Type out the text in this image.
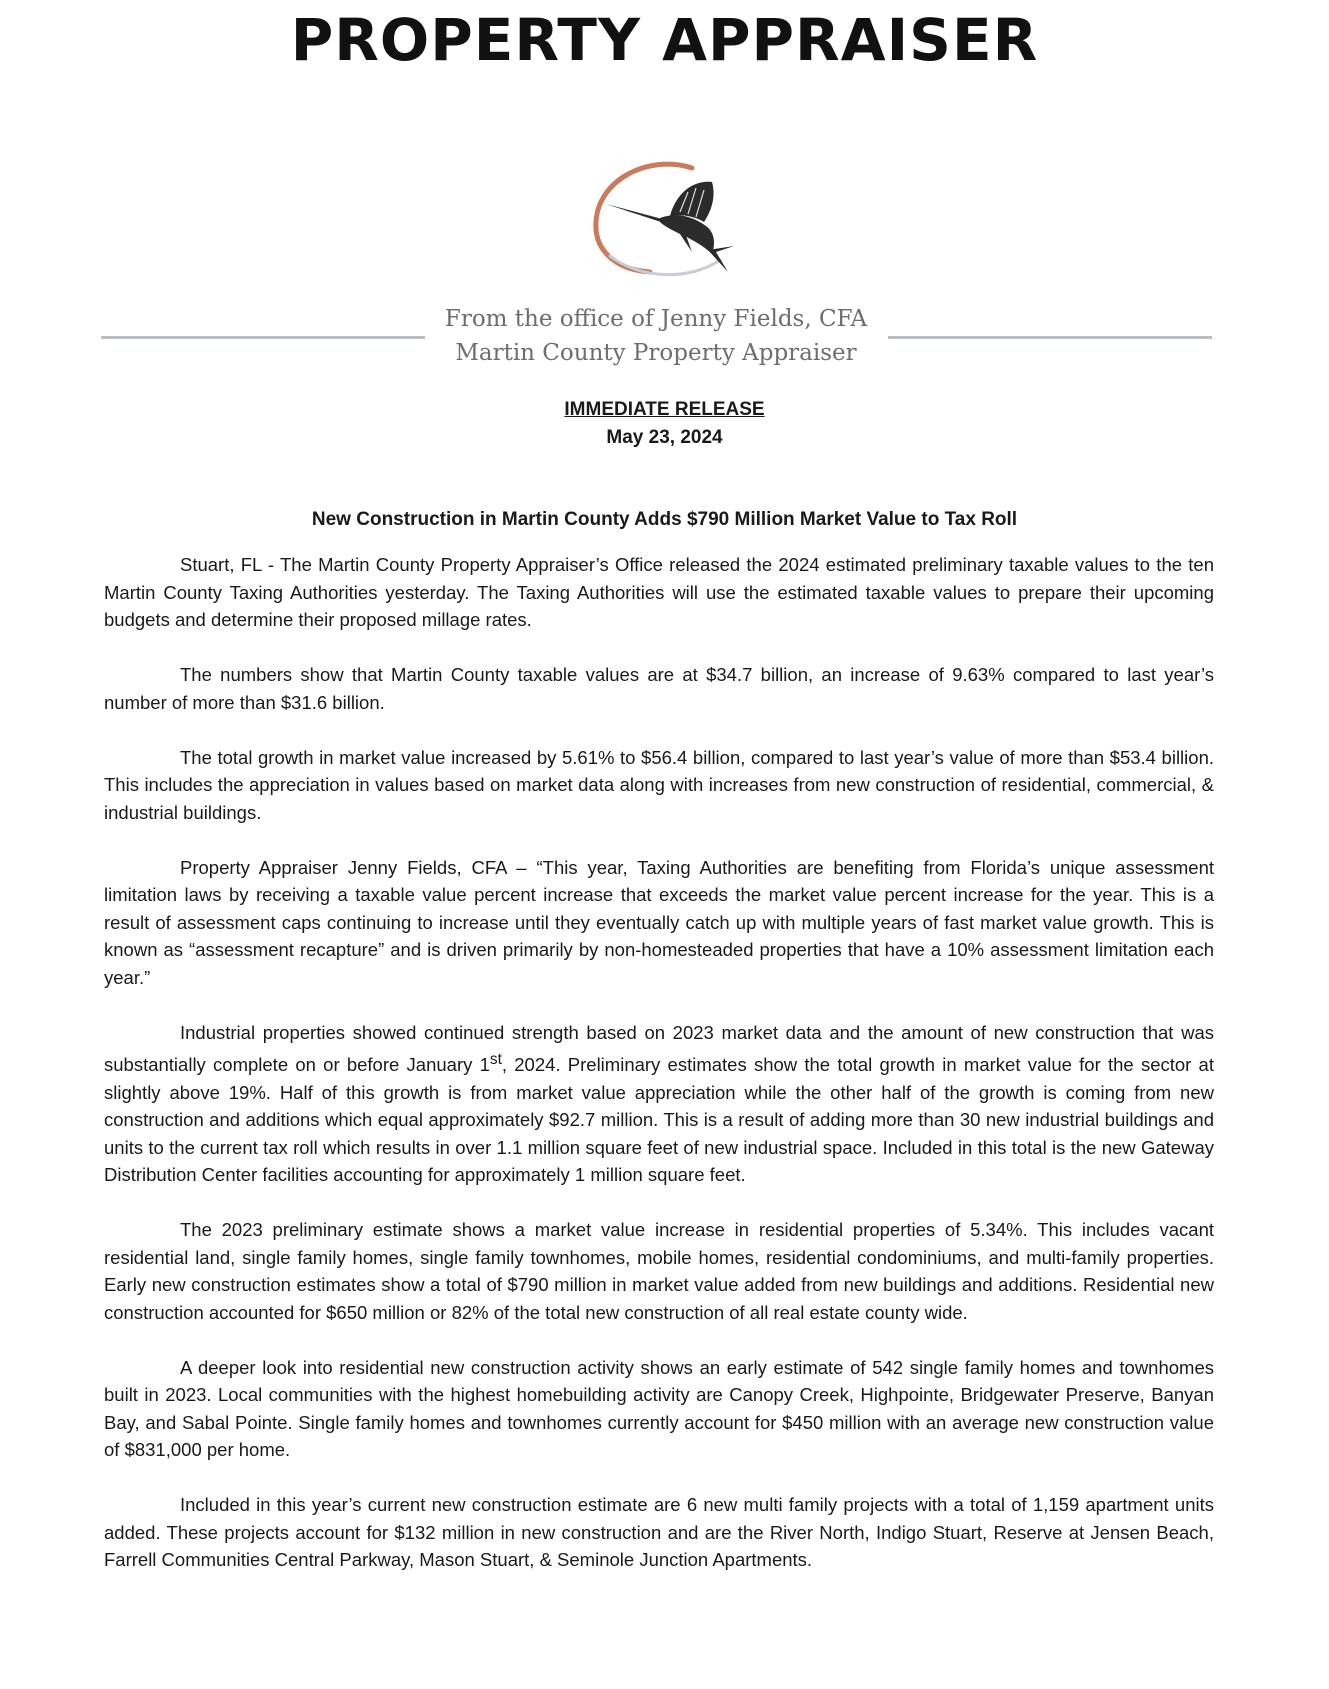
PROPERTY APPRAISER
From the office of Jenny Fields, CFA
Martin County Property Appraiser
IMMEDIATE RELEASE
May 23, 2024
New Construction in Martin County Adds $790 Million Market Value to Tax Roll

Stuart, FL - The Martin County Property Appraiser’s Office released the 2024 estimated preliminary taxable values to the ten Martin County Taxing Authorities yesterday. The Taxing Authorities will use the estimated taxable values to prepare their upcoming budgets and determine their proposed millage rates.

The numbers show that Martin County taxable values are at $34.7 billion, an increase of 9.63% compared to last year’s number of more than $31.6 billion.

The total growth in market value increased by 5.61% to $56.4 billion, compared to last year’s value of more than $53.4 billion. This includes the appreciation in values based on market data along with increases from new construction of residential, commercial, & industrial buildings.

Property Appraiser Jenny Fields, CFA – “This year, Taxing Authorities are benefiting from Florida’s unique assessment limitation laws by receiving a taxable value percent increase that exceeds the market value percent increase for the year. This is a result of assessment caps continuing to increase until they eventually catch up with multiple years of fast market value growth. This is known as “assessment recapture” and is driven primarily by non-homesteaded properties that have a 10% assessment limitation each year.”

Industrial properties showed continued strength based on 2023 market data and the amount of new construction that was substantially complete on or before January 1st, 2024. Preliminary estimates show the total growth in market value for the sector at slightly above 19%. Half of this growth is from market value appreciation while the other half of the growth is coming from new construction and additions which equal approximately $92.7 million. This is a result of adding more than 30 new industrial buildings and units to the current tax roll which results in over 1.1 million square feet of new industrial space. Included in this total is the new Gateway Distribution Center facilities accounting for approximately 1 million square feet.

The 2023 preliminary estimate shows a market value increase in residential properties of 5.34%. This includes vacant residential land, single family homes, single family townhomes, mobile homes, residential condominiums, and multi-family properties. Early new construction estimates show a total of $790 million in market value added from new buildings and additions. Residential new construction accounted for $650 million or 82% of the total new construction of all real estate county wide.

A deeper look into residential new construction activity shows an early estimate of 542 single family homes and townhomes built in 2023. Local communities with the highest homebuilding activity are Canopy Creek, Highpointe, Bridgewater Preserve, Banyan Bay, and Sabal Pointe. Single family homes and townhomes currently account for $450 million with an average new construction value of $831,000 per home.

Included in this year’s current new construction estimate are 6 new multi family projects with a total of 1,159 apartment units added. These projects account for $132 million in new construction and are the River North, Indigo Stuart, Reserve at Jensen Beach, Farrell Communities Central Parkway, Mason Stuart, & Seminole Junction Apartments.
